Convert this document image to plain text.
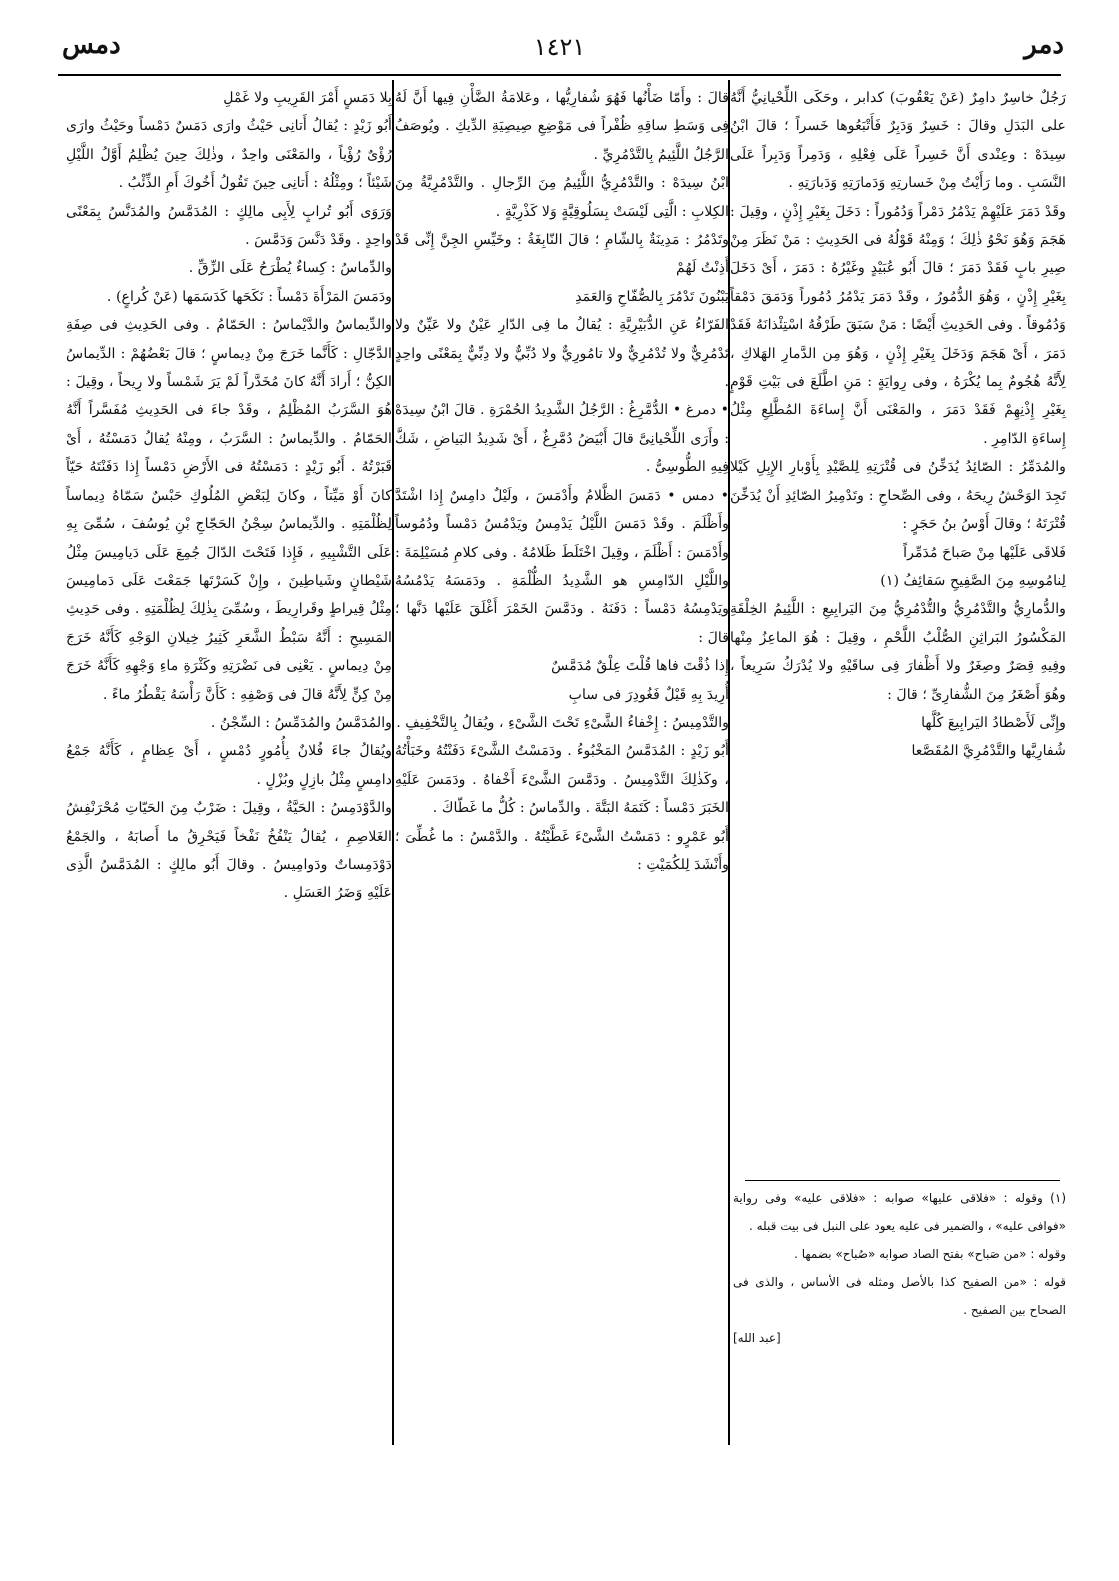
دمر
١٤٢١
دمس

رَجُلٌ خاسِرٌ دامِرٌ (عَنْ يَعْقُوبَ) كدابر ، وحَكَى اللِّحْيانِيُّ أَنَّهُ على البَدَلِ وقالَ : خَسِرٌ وَدَبِرٌ فَأَتْبَعُوها خَسراً ؛ قالَ ابْنُ سِيدَهْ : وعِنْدى أَنَّ خَسِراً عَلَى فِعْلِهِ ، وَدَمِراً وَدَبِراً عَلَى النَّسَبِ . وما رَأَيْتُ مِنْ خَسارتِهِ وَدَمارَتِهِ وَدَبارَتِهِ .

وقَدْ دَمَرَ عَلَيْهِمْ يَدْمُرُ دَمْراً وَدُمُوراً : دَخَلَ بِغَيْرِ إِذْنٍ ، وقِيلَ : هَجَمَ وَهُوَ نَحْوُ ذٰلِكَ ؛ وَمِنْهُ قَوْلُهُ فى الحَدِيثِ : مَنْ نَظَرَ مِنْ صِيرِ بابٍ فَقَدْ دَمَرَ ؛ قالَ أَبُو عُبَيْدٍ وغَيْرُهُ : دَمَرَ ، أَىْ دَخَلَ بِغَيْرِ إِذْنٍ ، وَهُوَ الدُّمُورُ ، وقَدْ دَمَرَ يَدْمُرُ دُمُوراً وَدَمَقَ دَمْقاً وَدُمُوقاً . وفى الحَدِيثِ أَيْضًا : مَنْ سَبَقَ طَرْفُهُ اسْتِئْذانَهُ فَقَدْ دَمَرَ ، أَىْ هَجَمَ وَدَخَلَ بِغَيْرِ إِذْنٍ ، وَهُوَ مِن الدَّمارِ الهَلاكِ ، لِأَنَّهُ هُجُومٌ بِما يُكْرَهُ ، وفى رِوايَةٍ : مَنِ اطَّلَعَ فى بَيْتِ قَوْمٍ بِغَيْرِ إِذْنِهِمْ فَقَدْ دَمَرَ ، والمَعْنَى أَنَّ إِساءَةَ المُطَّلِعِ مِثْلُ إِساءَةِ الدّامِرِ .

والمُدَمِّرُ : الصّائِدُ يُدَخِّنُ فى قُتْرَتِهِ لِلصَّيْدِ بِأَوْبارِ الإِبِلِ كَيْلا تَجِدَ الوَحْشُ رِيحَهُ ، وفى الصِّحاحِ : وتَدْمِيرُ الصّائِدِ أَنْ يُدَخِّنَ قُتْرَتَهُ ؛ وقالَ أَوْسُ بنُ حَجَرٍ :

فَلاقَى عَلَيْها مِنْ صَباحَ مُدَمِّراً

لِنامُوسِهِ مِنَ الصَّفِيحِ سَقائِفُ (١)

والدُّمارِيُّ والتَّدْمُرِيُّ والتُّدْمُرِيُّ مِنَ اليَرابِيعِ : اللَّئِيمُ الخِلْقَةِ المَكْسُورُ البَراثِنِ الصُّلْبُ اللَّحْمِ ، وقِيلَ : هُوَ الماعِزُ مِنْها وفِيهِ قِصَرٌ وصِغَرٌ ولا أَظْفارَ فِى ساقَيْهِ ولا يُدْرَكُ سَرِيعاً ، وهُوَ أَصْغَرُ مِنَ الشُّفارِىِّ ؛ قالَ :

وإِنِّى لَأَصْطادُ اليَرابِيعَ كُلَّها

شُفارِيَّها والتَّدْمُرِيَّ المُقَصَّعا

(١) وقوله : «فلاقى عليها» صوابه : «فلاقى عليه» وفى رواية «فوافى عليه» ، والضمير فى عليه يعود على النبل فى بيت قبله .

وقوله : «من صَباح» بفتح الصاد صوابه «صُباح» بضمها .

قوله : «من الصفيح كذا بالأصل ومثله فى الأساس ، والذى فى الصحاح بين الصفيح .

[عبد الله]

قالَ : وأَمّا ضَأْنُها فَهُوَ شُفارِيُّها ، وعَلامَةُ الضَّأْنِ فِيها أَنَّ لَهُ فِى وَسَطِ ساقِهِ ظُفْراً فى مَوْضِعِ صِيصِيَةِ الدِّيكِ . ويُوصَفُ الرَّجُلُ اللَّئِيمُ بِالتَّدْمُرِيِّ .

ابْنُ سِيدَهْ : والتَّدْمُرِيُّ اللَّئِيمُ مِنَ الرِّجالِ . والتَّدْمُرِيَّةُ مِنَ الكِلابِ : الَّتِى لَيْسَتْ بِسَلُوقِيَّةٍ وَلا كَذْرِيَّةٍ .

وتَدْمُرُ : مَدِينَةٌ بِالشّامِ ؛ قالَ النّابِغَةُ : وخَيِّسِ الجِنَّ إِنِّى قَدْ أَذِنْتُ لَهُمْ

يَبْنُونَ تَدْمُرَ بِالصُّفّاحِ وَالعَمَدِ

الفَرّاءُ عَنِ الدُّبَيْرِيَّةِ : يُقالُ ما فِى الدّارِ عَيْنٌ ولا عَيِّنٌ ولا تَدْمُرِيٌّ ولا تُدْمُرِيٌّ ولا تامُورِيٌّ ولا دُبِّيٌّ ولا دِبِّيٌّ بِمَعْنًى واحِدٍ .

• دمرغ • الدُّمَّرِغُ : الرَّجُلُ الشَّدِيدُ الحُمْرَةِ . قالَ ابْنُ سِيدَهْ : وأَرَى اللِّحْيانِىَّ قالَ أَبْيَضُ دُمَّرِغٌ ، أَىْ شَدِيدُ البَياضِ ، شَكَّ فِيهِ الطُّوسِىُّ .

• دمس • دَمَسَ الظَّلامُ وأَدْمَسَ ، ولَيْلٌ دامِسٌ إِذا اشْتَدَّ وأَظْلَمَ . وقَدْ دَمَسَ اللَّيْلُ يَدْمِسُ ويَدْمُسُ دَمْساً ودُمُوساً وأَدْمَسَ : أَظْلَمَ ، وقِيلَ اخْتَلَطَ ظَلامُهُ . وفى كلامِ مُسَيْلِمَةَ : واللَّيْلِ الدّامِسِ هو الشَّدِيدُ الظُّلْمَةِ . ودَمَسَهُ يَدْمُسُهُ ويَدْمِسُهُ دَمْساً : دَفَنَهُ . ودَمَّسَ الخَمْرَ أَغْلَقَ عَلَيْها دَنَّها ؛ قالَ :

إِذا ذُقْتَ فاها قُلْتَ عِلْقٌ مُدَمَّسٌ

أُرِيدَ بِهِ قَيْلٌ فَغُودِرَ فى سابِ

والتَّدْمِيسُ : إِخْفاءُ الشَّىْءِ تَحْتَ الشَّىْءِ ، ويُقالُ بِالتَّخْفِيفِ .

أَبُو زَيْدٍ : المُدَمَّسُ المَخْبُوءُ . ودَمَسْتُ الشَّىْءَ دَفَنْتُهُ وخَبَأْتُهُ ، وكَذٰلِكَ التَّدْمِيسُ . ودَمَّسَ الشَّىْءَ أَخْفاهُ . ودَمَسَ عَلَيْهِ الخَبَرَ دَمْساً : كَتَمَهُ البَتَّةَ . والدِّماسُ : كُلُّ ما غَطّاكَ .

أَبُو عَمْرٍو : دَمَسْتُ الشَّىْءَ غَطَّيْتُهُ . والدَّمْسُ : ما غُطِّىَ ؛ وأَنْشَدَ لِلكُمَيْتِ :

بِلا دَمَسٍ أَمْرَ القَرِيبِ ولا غَمْلِ

أَبُو زَيْدٍ : يُقالُ أَتانِى حَيْثُ وارَى دَمَسٌ دَمْساً وحَيْثُ وارَى رُؤْىٌ رُؤْياً ، والمَعْنَى واحِدٌ ، وذٰلِكَ حِينَ يُظْلِمُ أَوَّلُ اللَّيْلِ شَيْئاً ؛ ومِثْلُهُ : أَتانِى حِينَ تَقُولُ أَخُوكَ أَمِ الذِّئْبُ .

وَرَوَى أَبُو تُرابٍ لِأَبِى مالِكٍ : المُدَمَّسُ والمُدَنَّسُ بِمَعْنًى واحِدٍ . وقَدْ دَنَّسَ وَدَمَّسَ .

والدِّماسُ : كِساءٌ يُطْرَحُ عَلَى الزِّقِّ .

ودَمَسَ المَرْأَةَ دَمْساً : نَكَحَها كَدَسَمَها (عَنْ كُراعٍ) .

والدِّيماسُ والدَّيْماسُ : الحَمّامُ . وفى الحَدِيثِ فى صِفَةِ الدَّجّالِ : كَأَنَّما خَرَجَ مِنْ دِيماسٍ ؛ قالَ بَعْضُهُمْ : الدِّيماسُ الكِنُّ ؛ أَرادَ أَنَّهُ كانَ مُخَدَّراً لَمْ يَرَ شَمْساً ولا رِيحاً ، وقِيلَ : هُوَ السَّرَبُ المُظْلِمُ ، وقَدْ جاءَ فى الحَدِيثِ مُفَسَّراً أَنَّهُ الحَمّامُ . والدِّيماسُ : السَّرَبُ ، ومِنْهُ يُقالُ دَمَسْتُهُ ، أَىْ قَبَرْتُهُ . أَبُو زَيْدٍ : دَمَسْتُهُ فى الأَرْضِ دَمْساً إِذا دَفَنْتَهُ حَيّاً كانَ أَوْ مَيِّتاً ، وكانَ لِبَعْضِ المُلُوكِ حَبْسٌ سَمّاهُ دِيماساً لِظُلْمَتِهِ . والدِّيماسُ سِجْنُ الحَجّاجِ بْنِ يُوسُفَ ، سُمِّىَ بِهِ عَلَى التَّشْبِيهِ ، فَإِذا فَتَحْتَ الدّالَ جُمِعَ عَلَى دَيامِيسَ مِثْلُ شَيْطانٍ وشَياطِينَ ، وإِنْ كَسَرْتَها جَمَعْتَ عَلَى دَمامِيسَ مِثْلُ قِيراطٍ وقَرارِيطَ ، وسُمِّىَ بِذٰلِكَ لِظُلْمَتِهِ . وفى حَدِيثِ المَسِيحِ : أَنَّهُ سَبْطُ الشَّعَرِ كَثِيرُ خِيلانِ الوَجْهِ كَأَنَّهُ خَرَجَ مِنْ دِيماسٍ . يَعْنِى فى نَضْرَتِهِ وكَثْرَةِ ماءِ وَجْهِهِ كَأَنَّهُ خَرَجَ مِنْ كِنٍّ لِأَنَّهُ قالَ فى وَصْفِهِ : كَأَنَّ رَأْسَهُ يَقْطُرُ ماءً .

والمُدَمَّسُ والمُدَمِّسُ : السِّجْنُ .

ويُقالُ جاءَ فُلانٌ بِأُمُورٍ دُمْسٍ ، أَىْ عِظامٍ ، كَأَنَّهُ جَمْعُ دامِسٍ مِثْلُ بازِلٍ وبُزْلٍ .

والدَّوْدَمِسُ : الحَيَّةُ ، وقِيلَ : ضَرْبٌ مِنَ الحَيّاتِ مُحْرَنْفِشُ الغَلاصِمِ ، يُقالُ يَنْفُخُ نَفْخاً فَيَحْرِقُ ما أَصابَهُ ، والجَمْعُ دَوْدَمِساتٌ ودَوامِيسُ . وقالَ أَبُو مالِكٍ : المُدَمَّسُ الَّذِى عَلَيْهِ وَضَرُ العَسَلِ .
